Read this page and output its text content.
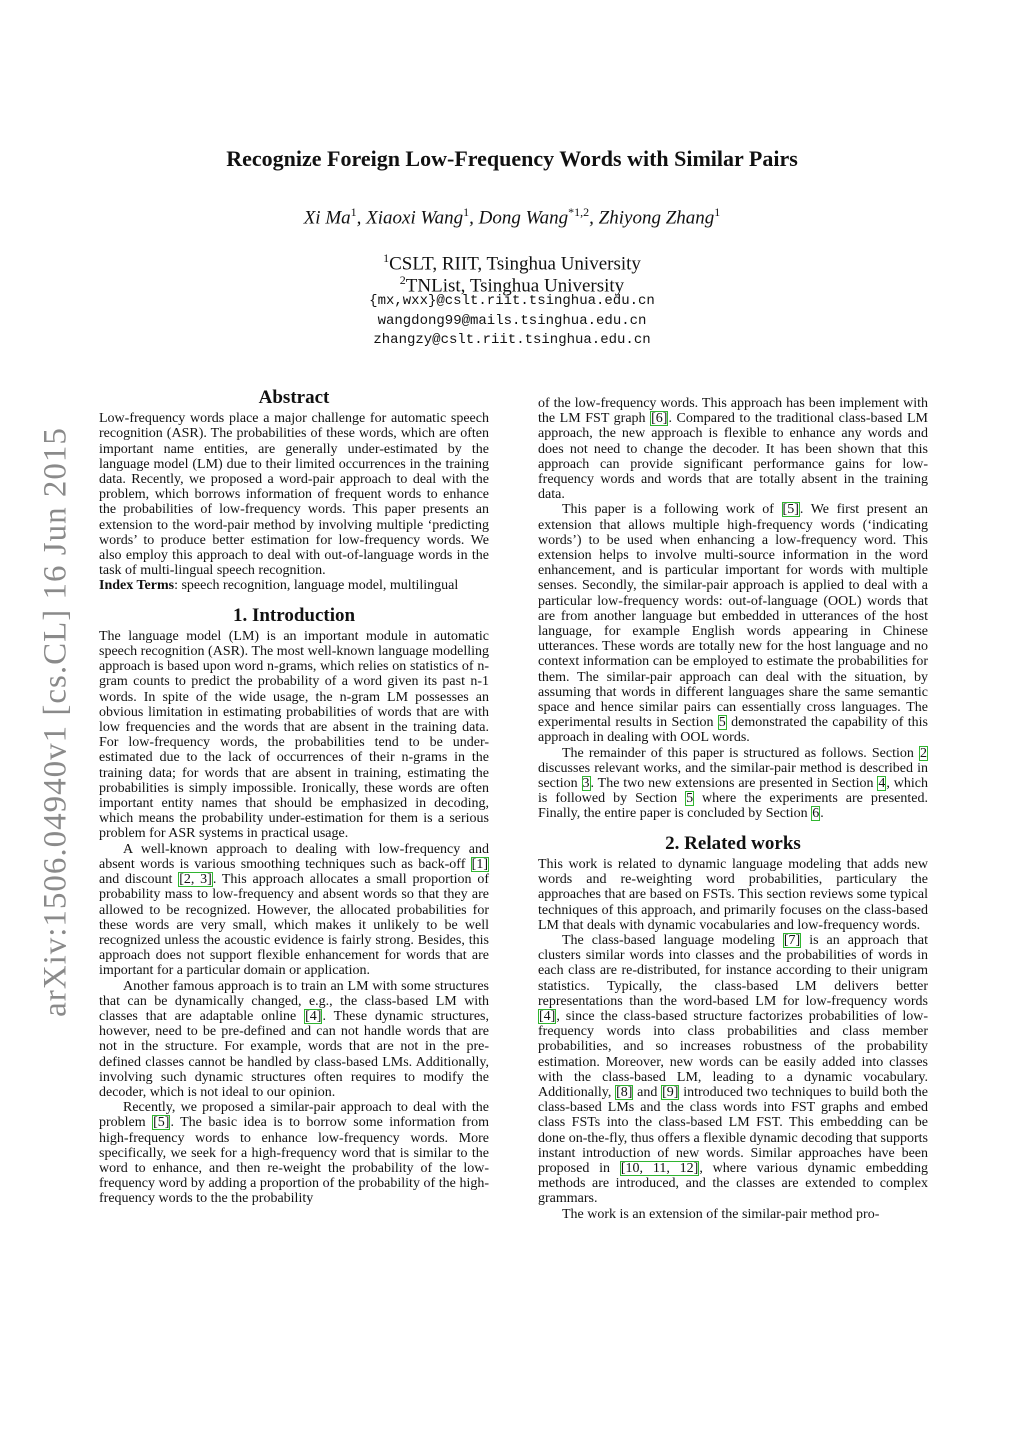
Recognize Foreign Low-Frequency Words with Similar Pairs
Xi Ma$^1$, Xiaoxi Wang$^1$, Dong Wang$^{*1,2}$, Zhiyong Zhang$^1$
$^1$CSLT, RIIT, Tsinghua University
$^2$TNList, Tsinghua University
{mx,wxx}@cslt.riit.tsinghua.edu.cn
wangdong99@mails.tsinghua.edu.cn
zhangzy@cslt.riit.tsinghua.edu.cn
arXiv:1506.04940v1 [cs.CL] 16 Jun 2015
Abstract

Low-frequency words place a major challenge for automatic speech recognition (ASR). The probabilities of these words, which are often important name entities, are generally under-estimated by the language model (LM) due to their limited occurrences in the training data. Recently, we proposed a word-pair approach to deal with the problem, which borrows information of frequent words to enhance the probabilities of low-frequency words. This paper presents an extension to the word-pair method by involving multiple ‘predicting words’ to produce better estimation for low-frequency words. We also employ this approach to deal with out-of-language words in the task of multi-lingual speech recognition.

Index Terms: speech recognition, language model, multilingual

1. Introduction

The language model (LM) is an important module in automatic speech recognition (ASR). The most well-known language modelling approach is based upon word n-grams, which relies on statistics of n-gram counts to predict the probability of a word given its past n-1 words. In spite of the wide usage, the n-gram LM possesses an obvious limitation in estimating probabilities of words that are with low frequencies and the words that are absent in the training data. For low-frequency words, the probabilities tend to be under-estimated due to the lack of occurrences of their n-grams in the training data; for words that are absent in training, estimating the probabilities is simply impossible. Ironically, these words are often important entity names that should be emphasized in decoding, which means the probability under-estimation for them is a serious problem for ASR systems in practical usage.

A well-known approach to dealing with low-frequency and absent words is various smoothing techniques such as back-off [1] and discount [2, 3]. This approach allocates a small proportion of probability mass to low-frequency and absent words so that they are allowed to be recognized. However, the allocated probabilities for these words are very small, which makes it unlikely to be well recognized unless the acoustic evidence is fairly strong. Besides, this approach does not support flexible enhancement for words that are important for a particular domain or application.

Another famous approach is to train an LM with some structures that can be dynamically changed, e.g., the class-based LM with classes that are adaptable online [4]. These dynamic structures, however, need to be pre-defined and can not handle words that are not in the structure. For example, words that are not in the pre-defined classes cannot be handled by class-based LMs. Additionally, involving such dynamic structures often requires to modify the decoder, which is not ideal to our opinion.

Recently, we proposed a similar-pair approach to deal with the problem [5]. The basic idea is to borrow some information from high-frequency words to enhance low-frequency words. More specifically, we seek for a high-frequency word that is similar to the word to enhance, and then re-weight the probability of the low-frequency word by adding a proportion of the probability of the high-frequency words to the the probability

of the low-frequency words. This approach has been implement with the LM FST graph [6]. Compared to the traditional class-based LM approach, the new approach is flexible to enhance any words and does not need to change the decoder. It has been shown that this approach can provide significant performance gains for low-frequency words and words that are totally absent in the training data.

This paper is a following work of [5]. We first present an extension that allows multiple high-frequency words (‘indicating words’) to be used when enhancing a low-frequency word. This extension helps to involve multi-source information in the word enhancement, and is particular important for words with multiple senses. Secondly, the similar-pair approach is applied to deal with a particular low-frequency words: out-of-language (OOL) words that are from another language but embedded in utterances of the host language, for example English words appearing in Chinese utterances. These words are totally new for the host language and no context information can be employed to estimate the probabilities for them. The similar-pair approach can deal with the situation, by assuming that words in different languages share the same semantic space and hence similar pairs can essentially cross languages. The experimental results in Section 5 demonstrated the capability of this approach in dealing with OOL words.

The remainder of this paper is structured as follows. Section 2 discusses relevant works, and the similar-pair method is described in section 3. The two new extensions are presented in Section 4, which is followed by Section 5 where the experiments are presented. Finally, the entire paper is concluded by Section 6.

2. Related works

This work is related to dynamic language modeling that adds new words and re-weighting word probabilities, particulary the approaches that are based on FSTs. This section reviews some typical techniques of this approach, and primarily focuses on the class-based LM that deals with dynamic vocabularies and low-frequency words.

The class-based language modeling [7] is an approach that clusters similar words into classes and the probabilities of words in each class are re-distributed, for instance according to their unigram statistics. Typically, the class-based LM delivers better representations than the word-based LM for low-frequency words [4], since the class-based structure factorizes probabilities of low-frequency words into class probabilities and class member probabilities, and so increases robustness of the probability estimation. Moreover, new words can be easily added into classes with the class-based LM, leading to a dynamic vocabulary. Additionally, [8] and [9] introduced two techniques to build both the class-based LMs and the class words into FST graphs and embed class FSTs into the class-based LM FST. This embedding can be done on-the-fly, thus offers a flexible dynamic decoding that supports instant introduction of new words. Similar approaches have been proposed in [10, 11, 12], where various dynamic embedding methods are introduced, and the classes are extended to complex grammars.

The work is an extension of the similar-pair method pro-
